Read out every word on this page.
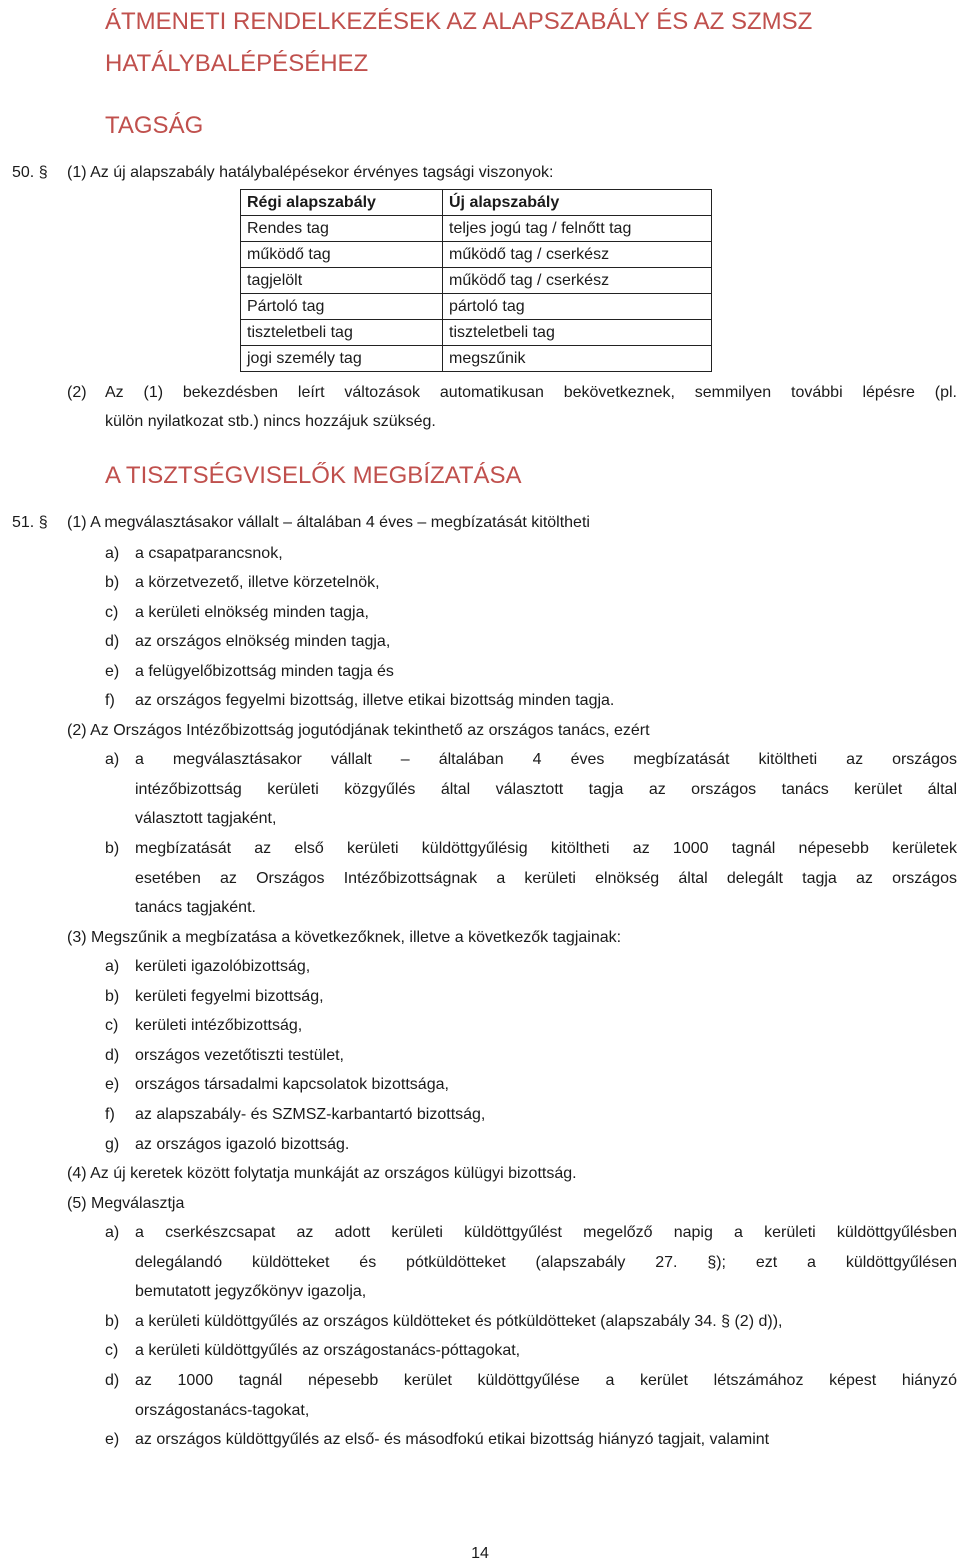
ÁTMENETI RENDELKEZÉSEK AZ ALAPSZABÁLY ÉS AZ SZMSZ
HATÁLYBALÉPÉSÉHEZ
TAGSÁG
50. § (1) Az új alapszabály hatálybalépésekor érvényes tagsági viszonyok:
Régi alapszabály	Új alapszabály
Rendes tag	teljes jogú tag / felnőtt tag
működő tag	működő tag / cserkész
tagjelölt	működő tag / cserkész
Pártoló tag	pártoló tag
tiszteletbeli tag	tiszteletbeli tag
jogi személy tag	megszűnik
(2) Az (1) bekezdésben leírt változások automatikusan bekövetkeznek, semmilyen további lépésre (pl.
külön nyilatkozat stb.) nincs hozzájuk szükség.
A TISZTSÉGVISELŐK MEGBÍZATÁSA
51. § (1) A megválasztásakor vállalt – általában 4 éves – megbízatását kitöltheti
a) a csapatparancsnok,
b) a körzetvezető, illetve körzetelnök,
c) a kerületi elnökség minden tagja,
d) az országos elnökség minden tagja,
e) a felügyelőbizottság minden tagja és
f) az országos fegyelmi bizottság, illetve etikai bizottság minden tagja.
(2) Az Országos Intézőbizottság jogutódjának tekinthető az országos tanács, ezért
a) a megválasztásakor vállalt – általában 4 éves megbízatását kitöltheti az országos
intézőbizottság kerületi közgyűlés által választott tagja az országos tanács kerület által
választott tagjaként,
b) megbízatását az első kerületi küldöttgyűlésig kitöltheti az 1000 tagnál népesebb kerületek
esetében az Országos Intézőbizottságnak a kerületi elnökség által delegált tagja az országos
tanács tagjaként.
(3) Megszűnik a megbízatása a következőknek, illetve a következők tagjainak:
a) kerületi igazolóbizottság,
b) kerületi fegyelmi bizottság,
c) kerületi intézőbizottság,
d) országos vezetőtiszti testület,
e) országos társadalmi kapcsolatok bizottsága,
f) az alapszabály- és SZMSZ-karbantartó bizottság,
g) az országos igazoló bizottság.
(4) Az új keretek között folytatja munkáját az országos külügyi bizottság.
(5) Megválasztja
a) a cserkészcsapat az adott kerületi küldöttgyűlést megelőző napig a kerületi küldöttgyűlésben
delegálandó küldötteket és pótküldötteket (alapszabály 27. §); ezt a küldöttgyűlésen
bemutatott jegyzőkönyv igazolja,
b) a kerületi küldöttgyűlés az országos küldötteket és pótküldötteket (alapszabály 34. § (2) d)),
c) a kerületi küldöttgyűlés az országostanács-póttagokat,
d) az 1000 tagnál népesebb kerület küldöttgyűlése a kerület létszámához képest hiányzó
országostanács-tagokat,
e) az országos küldöttgyűlés az első- és másodfokú etikai bizottság hiányzó tagjait, valamint
14
